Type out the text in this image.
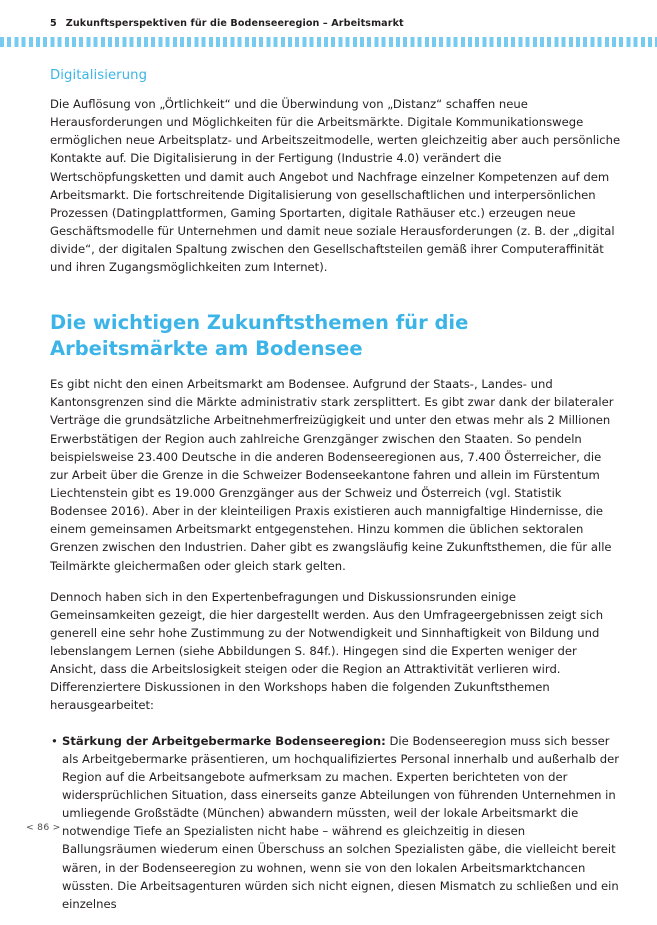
5 Zukunftsperspektiven für die Bodenseeregion – Arbeitsmarkt
Digitalisierung

Die Auflösung von „Örtlichkeit“ und die Überwindung von „Distanz“ schaffen neue Herausforderungen und Möglichkeiten für die Arbeitsmärkte. Digitale Kommunikationswege ermöglichen neue Arbeitsplatz- und Arbeitszeitmodelle, werten gleichzeitig aber auch persönliche Kontakte auf. Die Digitalisierung in der Fertigung (Industrie 4.0) verändert die Wertschöpfungsketten und damit auch Angebot und Nachfrage einzelner Kompetenzen auf dem Arbeitsmarkt. Die fortschreitende Digitalisierung von gesellschaftlichen und interpersönlichen Prozessen (Datingplattformen, Gaming Sportarten, digitale Rathäuser etc.) erzeugen neue Geschäftsmodelle für Unternehmen und damit neue soziale Herausforderungen (z. B. der „digital divide“, der digitalen Spaltung zwischen den Gesellschaftsteilen gemäß ihrer Computeraffinität und ihren Zugangsmöglichkeiten zum Internet).

Die wichtigen Zukunftsthemen für die Arbeitsmärkte am Bodensee

Es gibt nicht den einen Arbeitsmarkt am Bodensee. Aufgrund der Staats-, Landes- und Kantonsgrenzen sind die Märkte administrativ stark zersplittert. Es gibt zwar dank der bilateraler Verträge die grundsätzliche Arbeitnehmerfreizügigkeit und unter den etwas mehr als 2 Millionen Erwerbstätigen der Region auch zahlreiche Grenzgänger zwischen den Staaten. So pendeln beispielsweise 23.400 Deutsche in die anderen Bodenseeregionen aus, 7.400 Österreicher, die zur Arbeit über die Grenze in die Schweizer Bodenseekantone fahren und allein im Fürstentum Liechtenstein gibt es 19.000 Grenzgänger aus der Schweiz und Österreich (vgl. Statistik Bodensee 2016). Aber in der kleinteiligen Praxis existieren auch mannigfaltige Hindernisse, die einem gemeinsamen Arbeitsmarkt entgegenstehen. Hinzu kommen die üblichen sektoralen Grenzen zwischen den Industrien. Daher gibt es zwangsläufig keine Zukunftsthemen, die für alle Teilmärkte gleichermaßen oder gleich stark gelten.

Dennoch haben sich in den Expertenbefragungen und Diskussionsrunden einige Gemeinsamkeiten gezeigt, die hier dargestellt werden. Aus den Umfrageergebnissen zeigt sich generell eine sehr hohe Zustimmung zu der Notwendigkeit und Sinnhaftigkeit von Bildung und lebenslangem Lernen (siehe Abbildungen S. 84f.). Hingegen sind die Experten weniger der Ansicht, dass die Arbeitslosigkeit steigen oder die Region an Attraktivität verlieren wird. Differenziertere Diskussionen in den Workshops haben die folgenden Zukunftsthemen herausgearbeitet:

• Stärkung der Arbeitgebermarke Bodenseeregion: Die Bodenseeregion muss sich besser als Arbeitgebermarke präsentieren, um hochqualifiziertes Personal innerhalb und außerhalb der Region auf die Arbeitsangebote aufmerksam zu machen. Experten berichteten von der widersprüchlichen Situation, dass einerseits ganze Abteilungen von führenden Unternehmen in umliegende Großstädte (München) abwandern müssten, weil der lokale Arbeitsmarkt die notwendige Tiefe an Spezialisten nicht habe – während es gleichzeitig in diesen Ballungsräumen wiederum einen Überschuss an solchen Spezialisten gäbe, die vielleicht bereit wären, in der Bodenseeregion zu wohnen, wenn sie von den lokalen Arbeitsmarktchancen wüssten. Die Arbeitsagenturen würden sich nicht eignen, diesen Mismatch zu schließen und ein einzelnes
< 86 >
